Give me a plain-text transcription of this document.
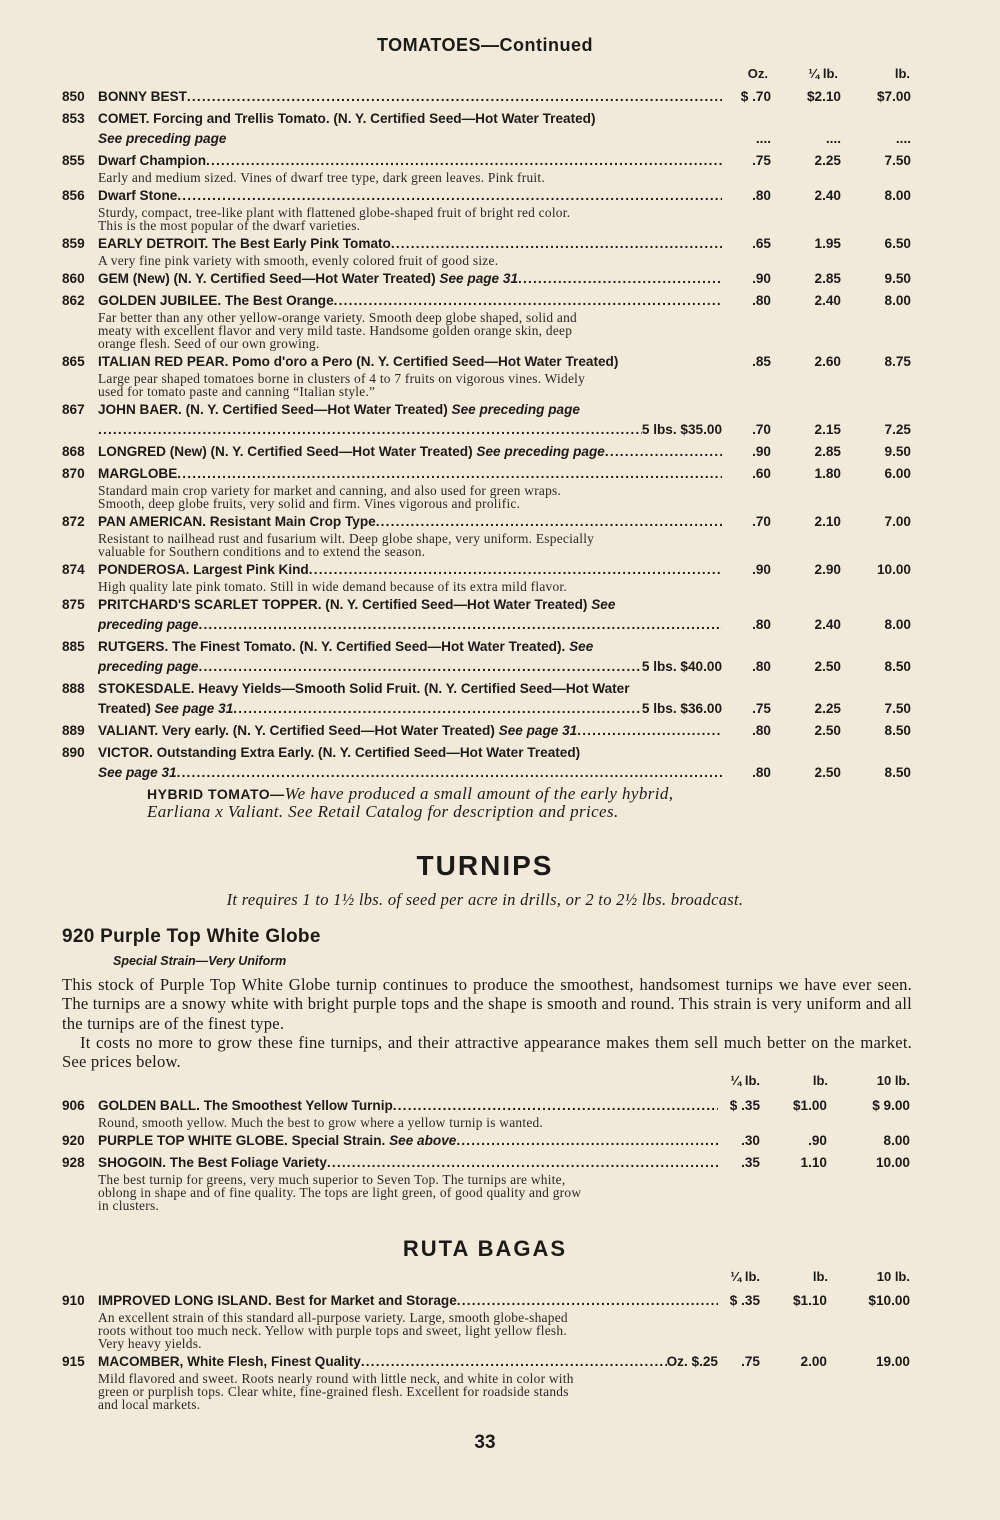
TOMATOES—Continued
Oz.	¼ lb.	lb.
850 BONNY BEST .....	$ .70	$2.10	$7.00
853 COMET. Forcing and Trellis Tomato. (N. Y. Certified Seed—Hot Water Treated)
See preceding page	....	....	....
855 Dwarf Champion .....	.75	2.25	7.50
Early and medium sized. Vines of dwarf tree type, dark green leaves. Pink fruit.
856 Dwarf Stone .....	.80	2.40	8.00
Sturdy, compact, tree-like plant with flattened globe-shaped fruit of bright red color.
This is the most popular of the dwarf varieties.
859 EARLY DETROIT. The Best Early Pink Tomato .....	.65	1.95	6.50
A very fine pink variety with smooth, evenly colored fruit of good size.
860 GEM (New) (N. Y. Certified Seed—Hot Water Treated) See page 31 .....	.90	2.85	9.50
862 GOLDEN JUBILEE. The Best Orange .....	.80	2.40	8.00
Far better than any other yellow-orange variety. Smooth deep globe shaped, solid and
meaty with excellent flavor and very mild taste. Handsome golden orange skin, deep
orange flesh. Seed of our own growing.
865 ITALIAN RED PEAR. Pomo d'oro a Pero (N. Y. Certified Seed—Hot Water Treated)	.85	2.60	8.75
Large pear shaped tomatoes borne in clusters of 4 to 7 fruits on vigorous vines. Widely
used for tomato paste and canning “Italian style.”
867 JOHN BAER. (N. Y. Certified Seed—Hot Water Treated) See preceding page
.....
5 lbs. $35.00	.70	2.15	7.25
868 LONGRED (New) (N. Y. Certified Seed—Hot Water Treated) See preceding page .....	.90	2.85	9.50
870 MARGLOBE .....	.60	1.80	6.00
Standard main crop variety for market and canning, and also used for green wraps.
Smooth, deep globe fruits, very solid and firm. Vines vigorous and prolific.
872 PAN AMERICAN. Resistant Main Crop Type .....	.70	2.10	7.00
Resistant to nailhead rust and fusarium wilt. Deep globe shape, very uniform. Especially
valuable for Southern conditions and to extend the season.
874 PONDEROSA. Largest Pink Kind .....	.90	2.90	10.00
High quality late pink tomato. Still in wide demand because of its extra mild flavor.
875 PRITCHARD'S SCARLET TOPPER. (N. Y. Certified Seed—Hot Water Treated) See
preceding page .....	.80	2.40	8.00
885 RUTGERS. The Finest Tomato. (N. Y. Certified Seed—Hot Water Treated). See
preceding page .....	5 lbs. $40.00	.80	2.50	8.50
888 STOKESDALE. Heavy Yields—Smooth Solid Fruit. (N. Y. Certified Seed—Hot Water
Treated) See page 31 .....	5 lbs. $36.00	.75	2.25	7.50
889 VALIANT. Very early. (N. Y. Certified Seed—Hot Water Treated) See page 31 .....	.80	2.50	8.50
890 VICTOR. Outstanding Extra Early. (N. Y. Certified Seed—Hot Water Treated)
See page 31 .....	.80	2.50	8.50
HYBRID TOMATO—We have produced a small amount of the early hybrid,
Earliana x Valiant. See Retail Catalog for description and prices.
TURNIPS
It requires 1 to 1½ lbs. of seed per acre in drills, or 2 to 2½ lbs. broadcast.
920 Purple Top White Globe
Special Strain—Very Uniform

This stock of Purple Top White Globe turnip continues to produce the smoothest, handsomest turnips we have ever seen. The turnips are a snowy white with bright purple tops and the shape is smooth and round. This strain is very uniform and all the turnips are of the finest type.

It costs no more to grow these fine turnips, and their attractive appearance makes them sell much better on the market. See prices below.

¼ lb.	lb.	10 lb.
906 GOLDEN BALL. The Smoothest Yellow Turnip .....	$ .35	$1.00	$ 9.00
Round, smooth yellow. Much the best to grow where a yellow turnip is wanted.
920 PURPLE TOP WHITE GLOBE. Special Strain. See above .....	.30	.90	8.00
928 SHOGOIN. The Best Foliage Variety .....	.35	1.10	10.00
The best turnip for greens, very much superior to Seven Top. The turnips are white,
oblong in shape and of fine quality. The tops are light green, of good quality and grow
in clusters.
RUTA BAGAS
¼ lb.	lb.	10 lb.
910 IMPROVED LONG ISLAND. Best for Market and Storage .....	$ .35	$1.10	$10.00
An excellent strain of this standard all-purpose variety. Large, smooth globe-shaped
roots without too much neck. Yellow with purple tops and sweet, light yellow flesh.
Very heavy yields.
915 MACOMBER, White Flesh, Finest Quality .....	Oz. $.25	.75	2.00	19.00
Mild flavored and sweet. Roots nearly round with little neck, and white in color with
green or purplish tops. Clear white, fine-grained flesh. Excellent for roadside stands
and local markets.
33
